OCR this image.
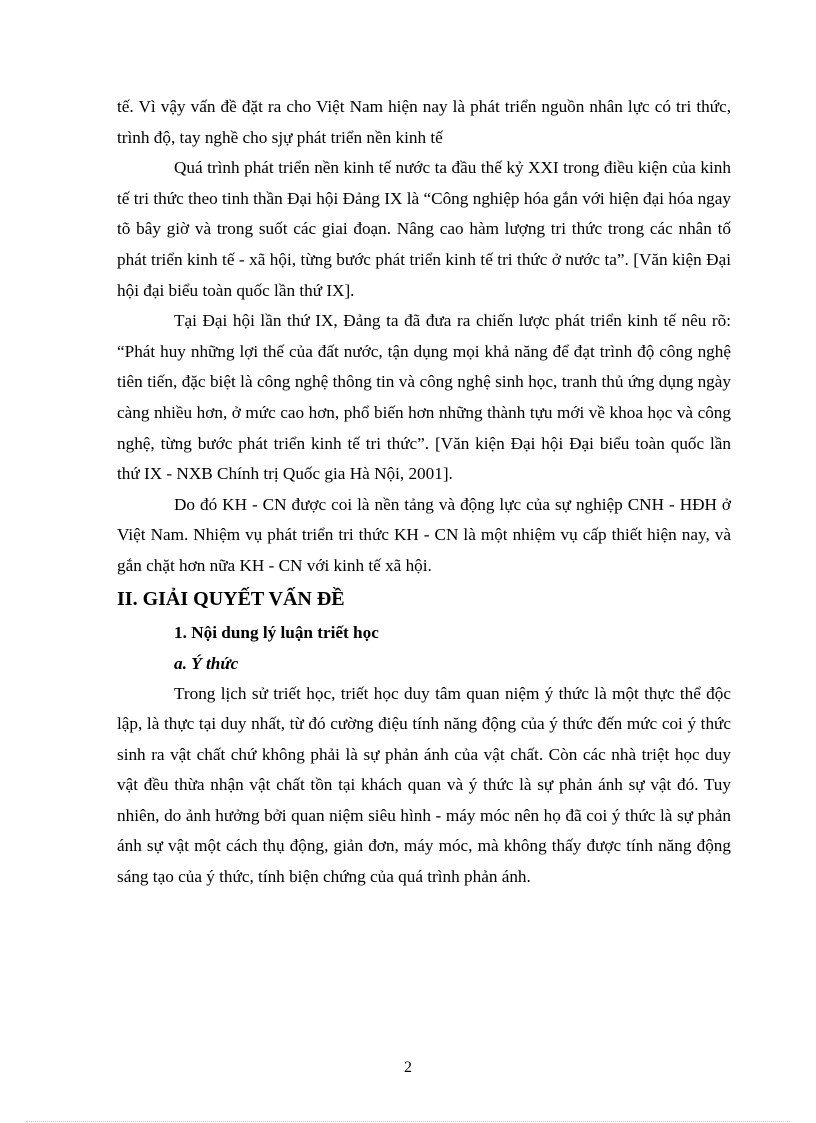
tế. Vì vậy vấn đề đặt ra cho Việt Nam hiện nay là phát triển nguồn nhân lực có tri thức, trình độ, tay nghề cho sjự phát triển nền kinh tế

Quá trình phát triển nền kinh tế nước ta đầu thế kỷ XXI trong điều kiện của kinh tế tri thức theo tinh thần Đại hội Đảng IX là “Công nghiệp hóa gắn với hiện đại hóa ngay tõ bây giờ và trong suốt các giai đoạn. Nâng cao hàm lượng tri thức trong các nhân tố phát triển kinh tế - xã hội, từng bước phát triển kinh tế tri thức ở nước ta”. [Văn kiện Đại hội đại biểu toàn quốc lần thứ IX].

Tại Đại hội lần thứ IX, Đảng ta đã đưa ra chiến lược phát triển kinh tế nêu rõ: “Phát huy những lợi thế của đất nước, tận dụng mọi khả năng để đạt trình độ công nghệ tiên tiến, đặc biệt là công nghệ thông tin và công nghệ sinh học, tranh thủ ứng dụng ngày càng nhiều hơn, ở mức cao hơn, phổ biến hơn những thành tựu mới về khoa học và công nghệ, từng bước phát triển kinh tế tri thức”. [Văn kiện Đại hội Đại biểu toàn quốc lần thứ IX - NXB Chính trị Quốc gia Hà Nội, 2001].

Do đó KH - CN được coi là nền tảng và động lực của sự nghiệp CNH - HĐH ở Việt Nam. Nhiệm vụ phát triển tri thức KH - CN là một nhiệm vụ cấp thiết hiện nay, và gắn chặt hơn nữa KH - CN với kinh tế xã hội.

II. GIẢI QUYẾT VẤN ĐỀ
1. Nội dung lý luận triết học
a. Ý thức

Trong lịch sử triết học, triết học duy tâm quan niệm ý thức là một thực thể độc lập, là thực tại duy nhất, từ đó cường điệu tính năng động của ý thức đến mức coi ý thức sinh ra vật chất chứ không phải là sự phản ánh của vật chất. Còn các nhà triệt học duy vật đều thừa nhận vật chất tồn tại khách quan và ý thức là sự phản ánh sự vật đó. Tuy nhiên, do ảnh hưởng bởi quan niệm siêu hình - máy móc nên họ đã coi ý thức là sự phản ánh sự vật một cách thụ động, giản đơn, máy móc, mà không thấy được tính năng động sáng tạo của ý thức, tính biện chứng của quá trình phản ánh.

2
